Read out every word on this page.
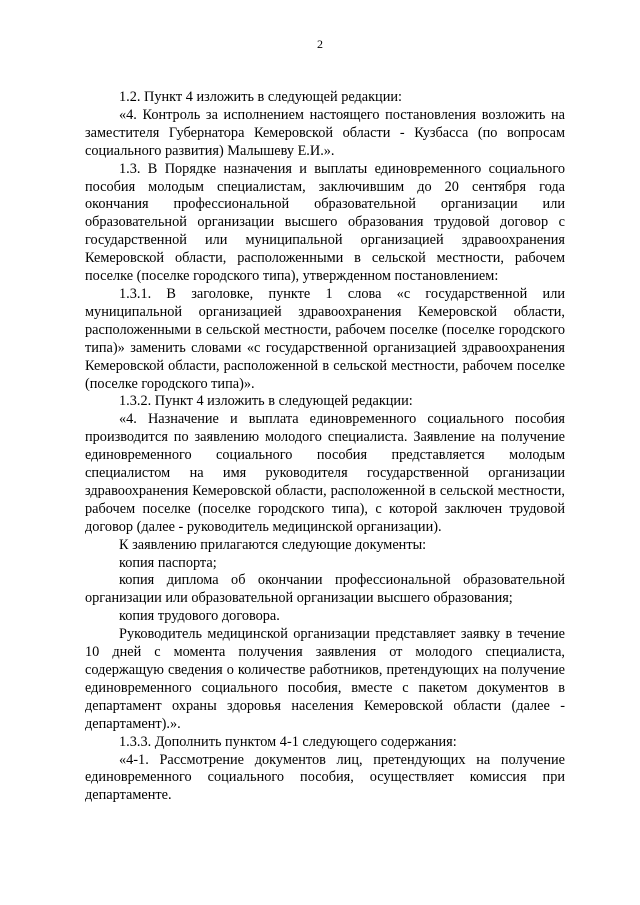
2

1.2. Пункт 4 изложить в следующей редакции:

«4. Контроль за исполнением настоящего постановления возложить на заместителя Губернатора Кемеровской области - Кузбасса (по вопросам социального развития) Малышеву Е.И.».

1.3. В Порядке назначения и выплаты единовременного социального пособия молодым специалистам, заключившим до 20 сентября года окончания профессиональной образовательной организации или образовательной организации высшего образования трудовой договор с государственной или муниципальной организацией здравоохранения Кемеровской области, расположенными в сельской местности, рабочем поселке (поселке городского типа), утвержденном постановлением:

1.3.1. В заголовке, пункте 1 слова «с государственной или муниципальной организацией здравоохранения Кемеровской области, расположенными в сельской местности, рабочем поселке (поселке городского типа)» заменить словами «с государственной организацией здравоохранения Кемеровской области, расположенной в сельской местности, рабочем поселке (поселке городского типа)».

1.3.2. Пункт 4 изложить в следующей редакции:

«4. Назначение и выплата единовременного социального пособия производится по заявлению молодого специалиста. Заявление на получение единовременного социального пособия представляется молодым специалистом на имя руководителя государственной организации здравоохранения Кемеровской области, расположенной в сельской местности, рабочем поселке (поселке городского типа), с которой заключен трудовой договор (далее - руководитель медицинской организации).

К заявлению прилагаются следующие документы:

копия паспорта;

копия диплома об окончании профессиональной образовательной организации или образовательной организации высшего образования;

копия трудового договора.

Руководитель медицинской организации представляет заявку в течение 10 дней с момента получения заявления от молодого специалиста, содержащую сведения о количестве работников, претендующих на получение единовременного социального пособия, вместе с пакетом документов в департамент охраны здоровья населения Кемеровской области (далее - департамент).».

1.3.3. Дополнить пунктом 4-1 следующего содержания:

«4-1. Рассмотрение документов лиц, претендующих на получение единовременного социального пособия, осуществляет комиссия при департаменте.
